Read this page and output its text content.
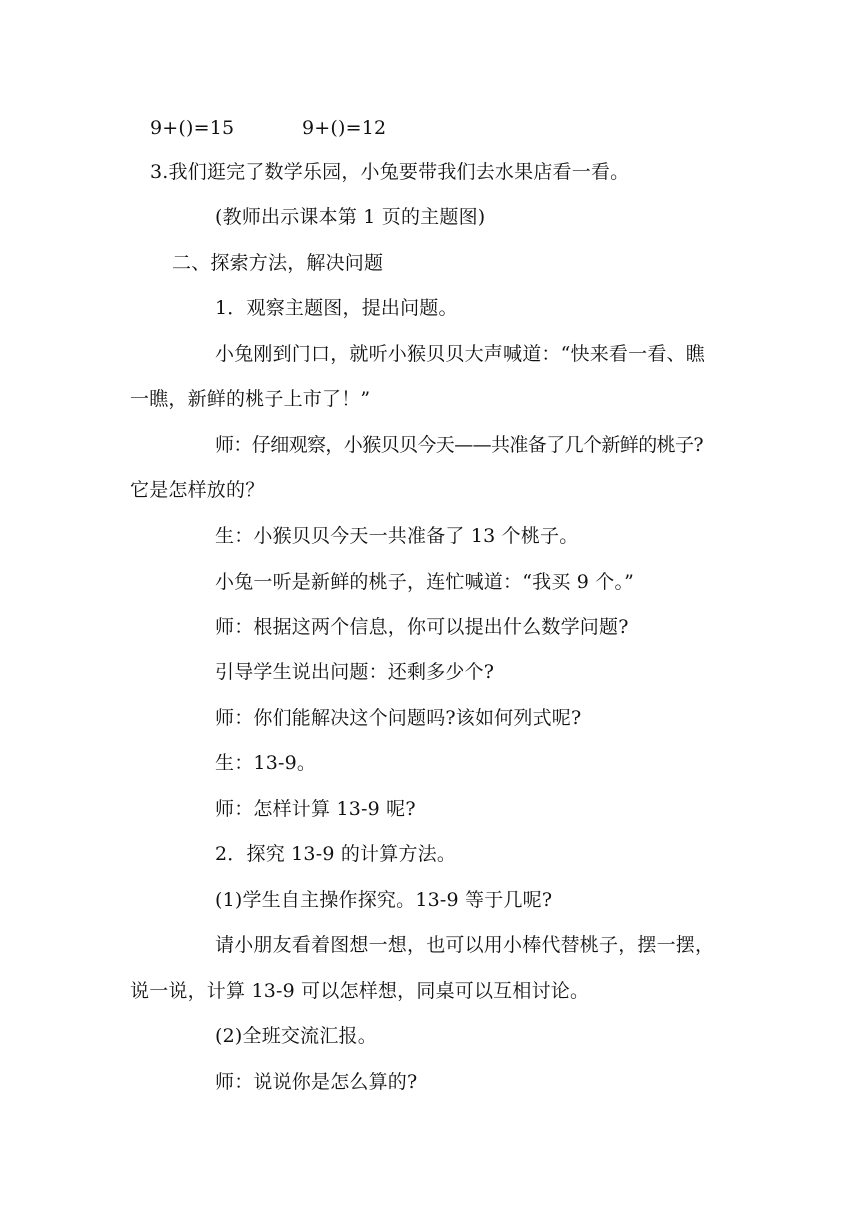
9+()=15	9+()=12
3.我们逛完了数学乐园，小兔要带我们去水果店看一看。
(教师出示课本第 1 页的主题图)
二、探索方法，解决问题
1．观察主题图，提出问题。
小兔刚到门口，就听小猴贝贝大声喊道：“快来看一看、瞧
一瞧，新鲜的桃子上市了！”
师：仔细观察，小猴贝贝今天——共准备了几个新鲜的桃子?
它是怎样放的？
生：小猴贝贝今天一共准备了 13 个桃子。
小兔一听是新鲜的桃子，连忙喊道：“我买 9 个。”
师：根据这两个信息，你可以提出什么数学问题?
引导学生说出问题：还剩多少个?
师：你们能解决这个问题吗?该如何列式呢?
生：13-9。
师：怎样计算 13-9 呢?
2．探究 13-9 的计算方法。
(1)学生自主操作探究。13-9 等于几呢?
请小朋友看着图想一想，也可以用小棒代替桃子，摆一摆，
说一说，计算 13-9 可以怎样想，同桌可以互相讨论。
(2)全班交流汇报。
师：说说你是怎么算的?
